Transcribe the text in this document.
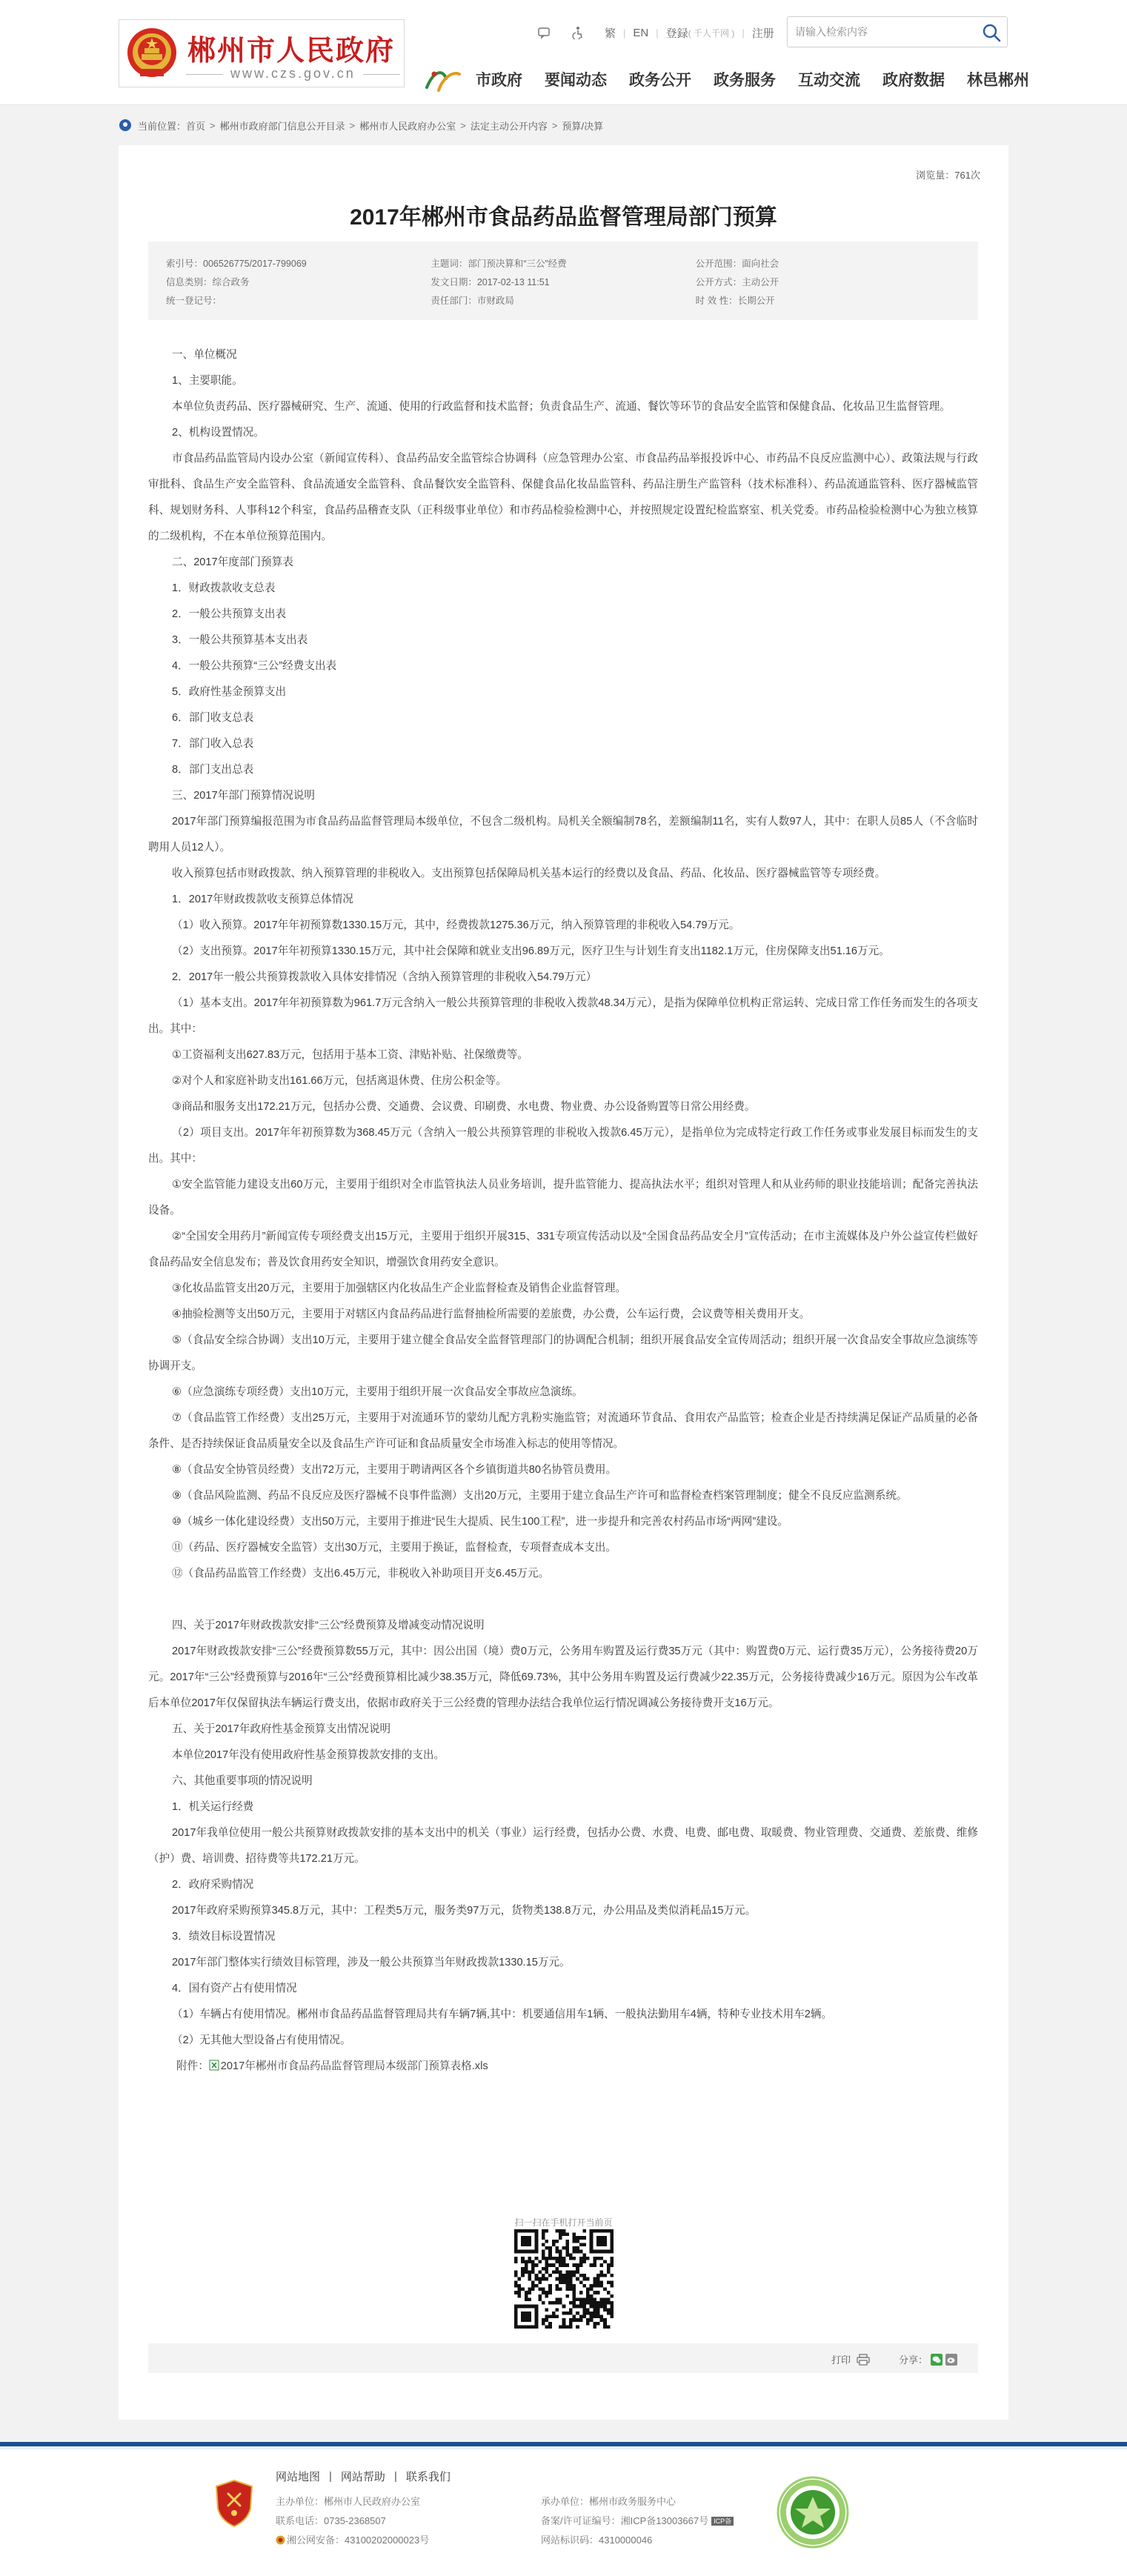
郴州市人民政府
www.czs.gov.cn
繁 | EN | 登録 ( 千人千网 ) | 注册
请输入检索内容
市政府 要闻动态 政务公开 政务服务 互动交流 政府数据 林邑郴州
当前位置： 首页 > 郴州市政府部门信息公开目录 > 郴州市人民政府办公室 > 法定主动公开内容 > 预算/决算
浏览量：761次
2017年郴州市食品药品监督管理局部门预算
索引号：006526775/2017-799069	主题词：部门预决算和“三公”经费	公开范围：面向社会
信息类别：综合政务	发文日期：2017-02-13 11:51	公开方式：主动公开
统一登记号：	责任部门：市财政局	时 效 性：长期公开

一、单位概况

1、主要职能。

本单位负责药品、医疗器械研究、生产、流通、使用的行政监督和技术监督；负责食品生产、流通、餐饮等环节的食品安全监管和保健食品、化妆品卫生监督管理。

2、机构设置情况。

市食品药品监管局内设办公室（新闻宣传科）、食品药品安全监管综合协调科（应急管理办公室、市食品药品举报投诉中心、市药品不良反应监测中心）、政策法规与行政审批科、食品生产安全监管科、食品流通安全监管科、食品餐饮安全监管科、保健食品化妆品监管科、药品注册生产监管科（技术标准科）、药品流通监管科、医疗器械监管科、规划财务科、人事科12个科室，食品药品稽查支队（正科级事业单位）和市药品检验检测中心，并按照规定设置纪检监察室、机关党委。市药品检验检测中心为独立核算的二级机构，不在本单位预算范围内。

二、2017年度部门预算表

1．财政拨款收支总表

2．一般公共预算支出表

3．一般公共预算基本支出表

4．一般公共预算“三公”经费支出表

5．政府性基金预算支出

6．部门收支总表

7．部门收入总表

8．部门支出总表

三、2017年部门预算情况说明

2017年部门预算编报范围为市食品药品监督管理局本级单位，不包含二级机构。局机关全额编制78名，差额编制11名，实有人数97人，其中：在职人员85人（不含临时聘用人员12人）。

收入预算包括市财政拨款、纳入预算管理的非税收入。支出预算包括保障局机关基本运行的经费以及食品、药品、化妆品、医疗器械监管等专项经费。

1．2017年财政拨款收支预算总体情况

（1）收入预算。2017年年初预算数1330.15万元，其中，经费拨款1275.36万元，纳入预算管理的非税收入54.79万元。

（2）支出预算。2017年年初预算1330.15万元，其中社会保障和就业支出96.89万元，医疗卫生与计划生育支出1182.1万元，住房保障支出51.16万元。

2．2017年一般公共预算拨款收入具体安排情况（含纳入预算管理的非税收入54.79万元）

（1）基本支出。2017年年初预算数为961.7万元含纳入一般公共预算管理的非税收入拨款48.34万元），是指为保障单位机构正常运转、完成日常工作任务而发生的各项支出。其中：

①工资福利支出627.83万元，包括用于基本工资、津贴补贴、社保缴费等。

②对个人和家庭补助支出161.66万元，包括离退休费、住房公积金等。

③商品和服务支出172.21万元，包括办公费、交通费、会议费、印刷费、水电费、物业费、办公设备购置等日常公用经费。

（2）项目支出。2017年年初预算数为368.45万元（含纳入一般公共预算管理的非税收入拨款6.45万元），是指单位为完成特定行政工作任务或事业发展目标而发生的支出。其中：

①安全监管能力建设支出60万元，主要用于组织对全市监管执法人员业务培训，提升监管能力、提高执法水平；组织对管理人和从业药师的职业技能培训；配备完善执法设备。

②“全国安全用药月”新闻宣传专项经费支出15万元，主要用于组织开展315、331专项宣传活动以及“全国食品药品安全月”宣传活动；在市主流媒体及户外公益宣传栏做好食品药品安全信息发布；普及饮食用药安全知识，增强饮食用药安全意识。

③化妆品监管支出20万元，主要用于加强辖区内化妆品生产企业监督检查及销售企业监督管理。

④抽验检测等支出50万元，主要用于对辖区内食品药品进行监督抽检所需要的差旅费，办公费，公车运行费，会议费等相关费用开支。

⑤（食品安全综合协调）支出10万元，主要用于建立健全食品安全监督管理部门的协调配合机制；组织开展食品安全宣传周活动；组织开展一次食品安全事故应急演练等协调开支。

⑥（应急演练专项经费）支出10万元，主要用于组织开展一次食品安全事故应急演练。

⑦（食品监管工作经费）支出25万元，主要用于对流通环节的蒙幼儿配方乳粉实施监管；对流通环节食品、食用农产品监管；检查企业是否持续满足保证产品质量的必备条件、是否持续保证食品质量安全以及食品生产许可证和食品质量安全市场准入标志的使用等情况。

⑧（食品安全协管员经费）支出72万元，主要用于聘请两区各个乡镇街道共80名协管员费用。

⑨（食品风险监测、药品不良反应及医疗器械不良事件监测）支出20万元，主要用于建立食品生产许可和监督检查档案管理制度；健全不良反应监测系统。

⑩（城乡一体化建设经费）支出50万元，主要用于推进“民生大提质、民生100工程”，进一步提升和完善农村药品市场“两网”建设。

⑪（药品、医疗器械安全监管）支出30万元，主要用于换证，监督检查，专项督查成本支出。

⑫（食品药品监管工作经费）支出6.45万元，非税收入补助项目开支6.45万元。

四、关于2017年财政拨款安排“三公”经费预算及增减变动情况说明

2017年财政拨款安排“三公”经费预算数55万元，其中：因公出国（境）费0万元，公务用车购置及运行费35万元（其中：购置费0万元、运行费35万元），公务接待费20万元。2017年“三公”经费预算与2016年“三公”经费预算相比减少38.35万元，降低69.73%，其中公务用车购置及运行费减少22.35万元，公务接待费减少16万元。原因为公车改革后本单位2017年仅保留执法车辆运行费支出，依据市政府关于三公经费的管理办法结合我单位运行情况调减公务接待费开支16万元。

五、关于2017年政府性基金预算支出情况说明

本单位2017年没有使用政府性基金预算拨款安排的支出。

六、其他重要事项的情况说明

1．机关运行经费

2017年我单位使用一般公共预算财政拨款安排的基本支出中的机关（事业）运行经费，包括办公费、水费、电费、邮电费、取暖费、物业管理费、交通费、差旅费、维修（护）费、培训费、招待费等共172.21万元。

2．政府采购情况

2017年政府采购预算345.8万元，其中：工程类5万元，服务类97万元，货物类138.8万元，办公用品及类似消耗品15万元。

3．绩效目标设置情况

2017年部门整体实行绩效目标管理，涉及一般公共预算当年财政拨款1330.15万元。

4．国有资产占有使用情况

（1）车辆占有使用情况。郴州市食品药品监督管理局共有车辆7辆,其中：机要通信用车1辆、一般执法勤用车4辆，特种专业技术用车2辆。

（2）无其他大型设备占有使用情况。

附件： 2017年郴州市食品药品监督管理局本级部门预算表格.xls
扫一扫在手机打开当前页
打印	分享：
网站地图 | 网站帮助 | 联系我们
主办单位：郴州市人民政府办公室
联系电话：0735-2368507
湘公网安备：43100202000023号
承办单位：郴州市政务服务中心
备案/许可证编号：湘ICP备13003667号 ICP备
网站标识码：4310000046
